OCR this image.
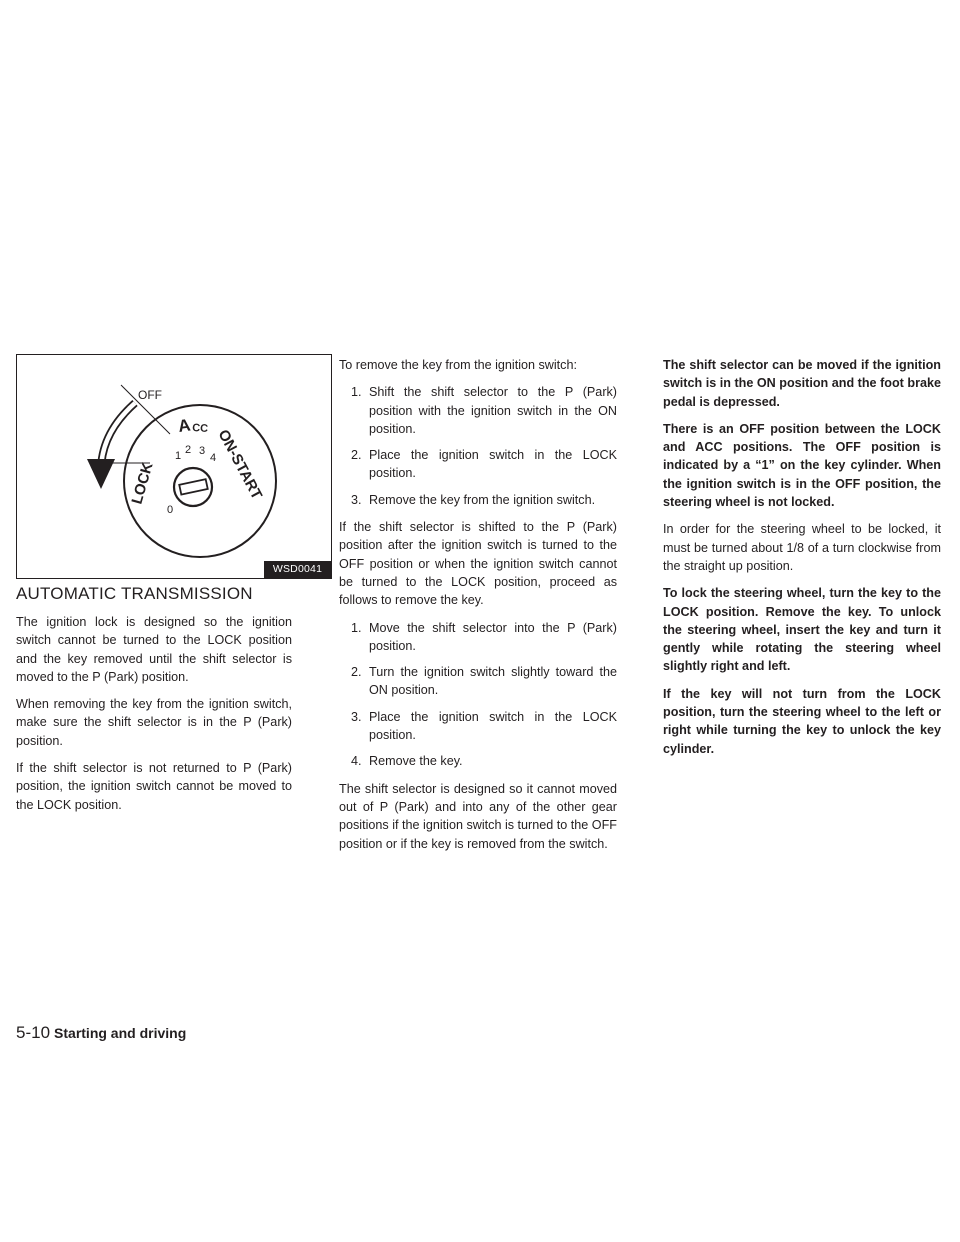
OFF
A CC ON-START
LOCK
1 2 3
4
0
WSD0041
AUTOMATIC TRANSMISSION

The ignition lock is designed so the ignition switch cannot be turned to the LOCK position and the key removed until the shift selector is moved to the P (Park) position.

When removing the key from the ignition switch, make sure the shift selector is in the P (Park) position.

If the shift selector is not returned to P (Park) position, the ignition switch cannot be moved to the LOCK position.

To remove the key from the ignition switch:

1. Shift the shift selector to the P (Park) position with the ignition switch in the ON position.
2. Place the ignition switch in the LOCK position.
3. Remove the key from the ignition switch.

If the shift selector is shifted to the P (Park) position after the ignition switch is turned to the OFF position or when the ignition switch cannot be turned to the LOCK position, proceed as follows to remove the key.

1. Move the shift selector into the P (Park) position.
2. Turn the ignition switch slightly toward the ON position.
3. Place the ignition switch in the LOCK position.
4. Remove the key.

The shift selector is designed so it cannot moved out of P (Park) and into any of the other gear positions if the ignition switch is turned to the OFF position or if the key is removed from the switch.

The shift selector can be moved if the ignition switch is in the ON position and the foot brake pedal is depressed.

There is an OFF position between the LOCK and ACC positions. The OFF position is indicated by a “1” on the key cylinder. When the ignition switch is in the OFF position, the steering wheel is not locked.

In order for the steering wheel to be locked, it must be turned about 1/8 of a turn clockwise from the straight up position.

To lock the steering wheel, turn the key to the LOCK position. Remove the key. To unlock the steering wheel, insert the key and turn it gently while rotating the steering wheel slightly right and left.

If the key will not turn from the LOCK position, turn the steering wheel to the left or right while turning the key to unlock the key cylinder.

5-10 Starting and driving
